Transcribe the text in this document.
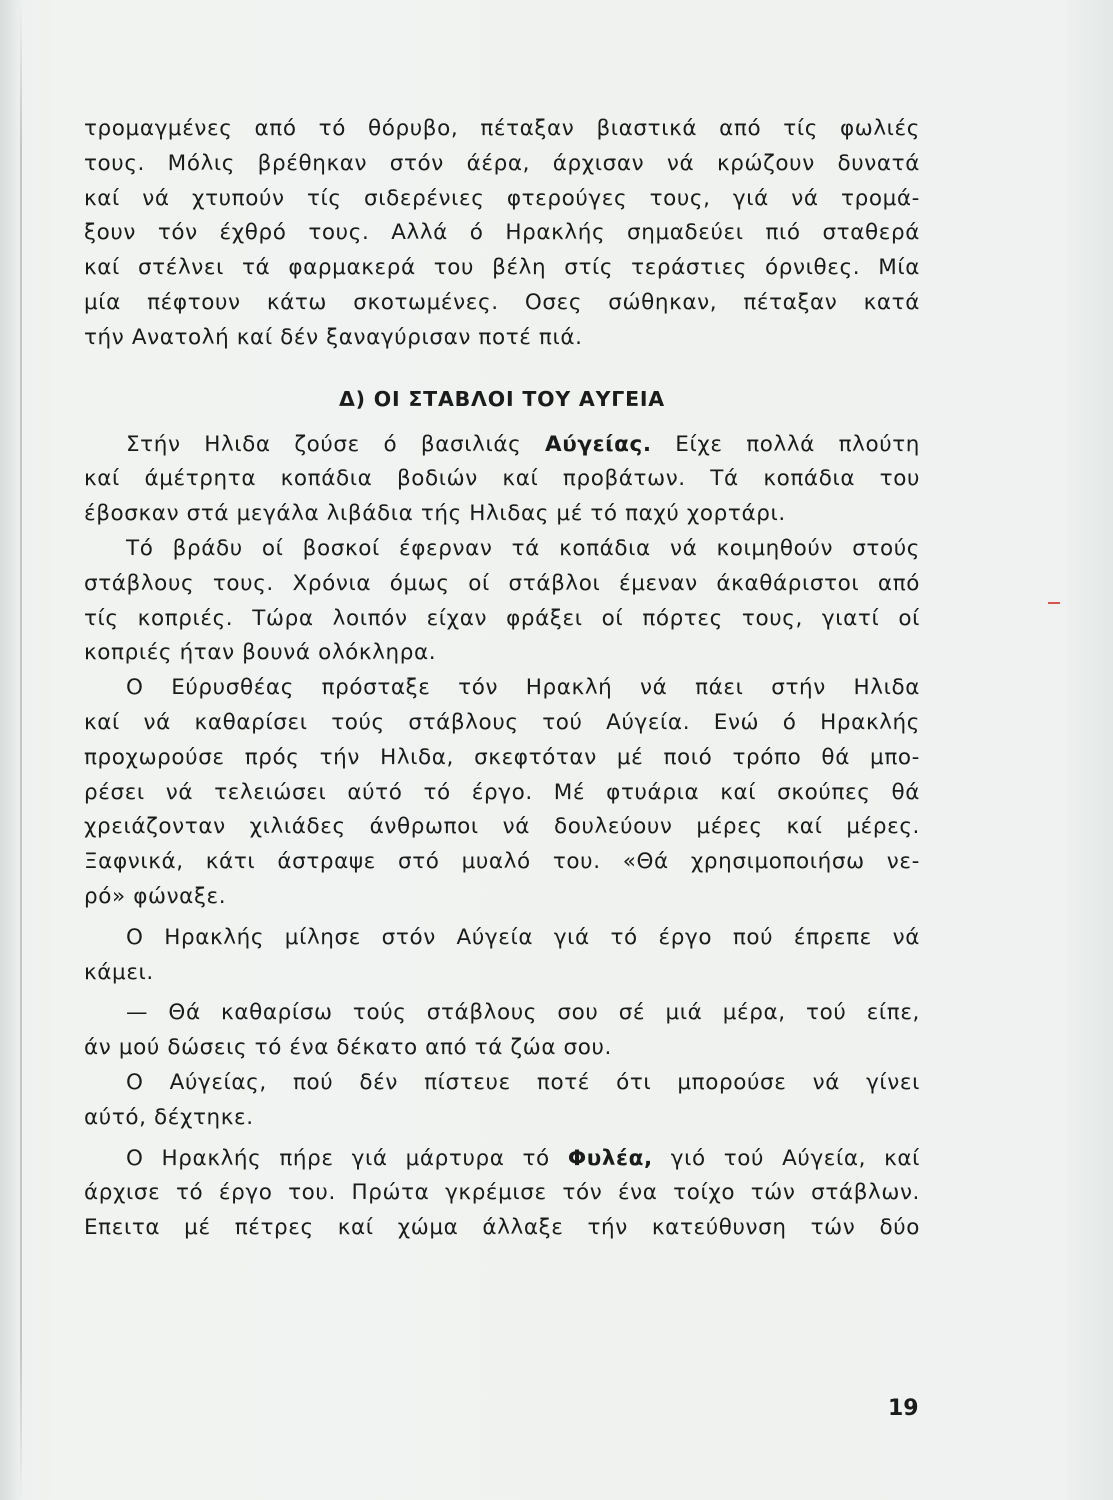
τρομαγμένες από τό θόρυβο, πέταξαν βιαστικά από τίς φωλιές
τους. Μόλις βρέθηκαν στόν άέρα, άρχισαν νά κρώζουν δυνατά
καί νά χτυπούν τίς σιδερένιες φτερούγες τους, γιά νά τρομά-
ξουν τόν έχθρό τους. Αλλά ό Ηρακλής σημαδεύει πιό σταθερά
καί στέλνει τά φαρμακερά του βέλη στίς τεράστιες όρνιθες. Μία
μία πέφτουν κάτω σκοτωμένες. Οσες σώθηκαν, πέταξαν κατά
τήν Ανατολή καί δέν ξαναγύρισαν ποτέ πιά.
Δ) ΟΙ ΣΤΑΒΛΟΙ ΤΟΥ ΑΥΓΕΙΑ
Στήν Ηλιδα ζούσε ό βασιλιάς Αύγείας. Είχε πολλά πλούτη
καί άμέτρητα κοπάδια βοδιών καί προβάτων. Τά κοπάδια του
έβοσκαν στά μεγάλα λιβάδια τής Ηλιδας μέ τό παχύ χορτάρι.
Τό βράδυ οί βοσκοί έφερναν τά κοπάδια νά κοιμηθούν στούς
στάβλους τους. Χρόνια όμως οί στάβλοι έμεναν άκαθάριστοι από
τίς κοπριές. Τώρα λοιπόν είχαν φράξει οί πόρτες τους, γιατί οί
κοπριές ήταν βουνά ολόκληρα.
Ο Εύρυσθέας πρόσταξε τόν Ηρακλή νά πάει στήν Ηλιδα
καί νά καθαρίσει τούς στάβλους τού Αύγεία. Ενώ ό Ηρακλής
προχωρούσε πρός τήν Ηλιδα, σκεφτόταν μέ ποιό τρόπο θά μπο-
ρέσει νά τελειώσει αύτό τό έργο. Μέ φτυάρια καί σκούπες θά
χρειάζονταν χιλιάδες άνθρωποι νά δουλεύουν μέρες καί μέρες.
Ξαφνικά, κάτι άστραψε στό μυαλό του. «Θά χρησιμοποιήσω νε-
ρό» φώναξε.
Ο Ηρακλής μίλησε στόν Αύγεία γιά τό έργο πού έπρεπε νά
κάμει.
— Θά καθαρίσω τούς στάβλους σου σέ μιά μέρα, τού είπε,
άν μού δώσεις τό ένα δέκατο από τά ζώα σου.
Ο Αύγείας, πού δέν πίστευε ποτέ ότι μπορούσε νά γίνει
αύτό, δέχτηκε.
Ο Ηρακλής πήρε γιά μάρτυρα τό Φυλέα, γιό τού Αύγεία, καί
άρχισε τό έργο του. Πρώτα γκρέμισε τόν ένα τοίχο τών στάβλων.
Επειτα μέ πέτρες καί χώμα άλλαξε τήν κατεύθυνση τών δύο
19
